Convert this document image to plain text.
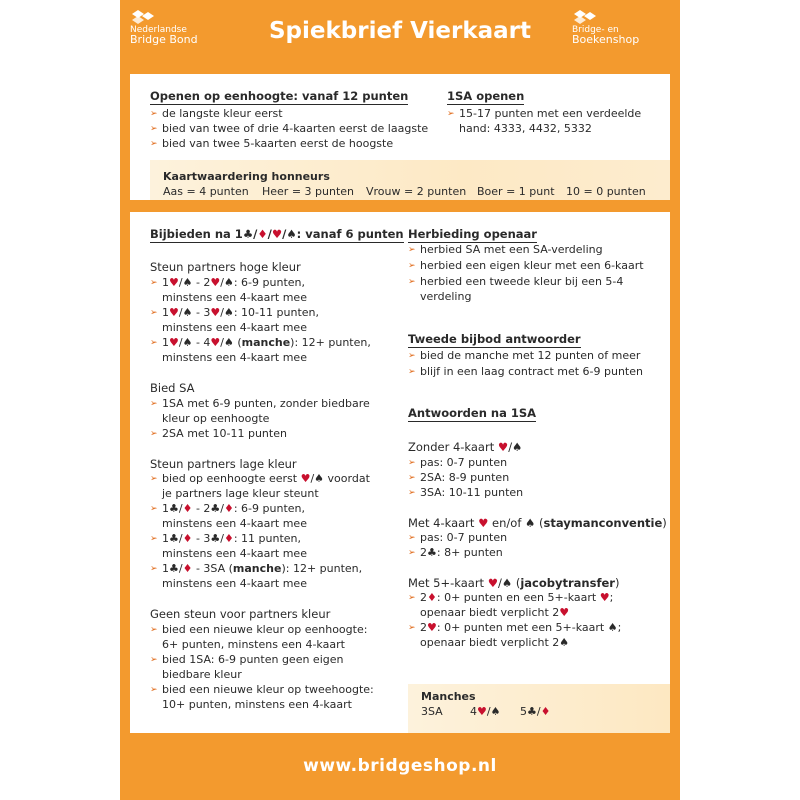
Nederlandse
Bridge Bond	Spiekbrief Vierkaart	Bridge- en
Boekenshop
Openen op eenhoogte: vanaf 12 punten
➢ de langste kleur eerst
➢ bied van twee of drie 4-kaarten eerst de laagste
➢ bied van twee 5-kaarten eerst de hoogste
1SA openen
➢ 15-17 punten met een verdeelde
hand: 4333, 4432, 5332
Kaartwaardering honneurs
Aas = 4 punten Heer = 3 punten Vrouw = 2 punten Boer = 1 punt 10 = 0 punten
Bijbieden na 1♣/♦/♥/♠: vanaf 6 punten
Steun partners hoge kleur
➢ 1♥/♠ - 2♥/♠: 6-9 punten,
minstens een 4-kaart mee
➢ 1♥/♠ - 3♥/♠: 10-11 punten,
minstens een 4-kaart mee
➢ 1♥/♠ - 4♥/♠ (manche): 12+ punten,
minstens een 4-kaart mee
Bied SA
➢ 1SA met 6-9 punten, zonder biedbare
kleur op eenhoogte
➢ 2SA met 10-11 punten
Steun partners lage kleur
➢ bied op eenhoogte eerst ♥/♠ voordat
je partners lage kleur steunt
➢ 1♣/♦ - 2♣/♦: 6-9 punten,
minstens een 4-kaart mee
➢ 1♣/♦ - 3♣/♦: 11 punten,
minstens een 4-kaart mee
➢ 1♣/♦ - 3SA (manche): 12+ punten,
minstens een 4-kaart mee
Geen steun voor partners kleur
➢ bied een nieuwe kleur op eenhoogte:
6+ punten, minstens een 4-kaart
➢ bied 1SA: 6-9 punten geen eigen
biedbare kleur
➢ bied een nieuwe kleur op tweehoogte:
10+ punten, minstens een 4-kaart
Herbieding openaar
➢ herbied SA met een SA-verdeling
➢ herbied een eigen kleur met een 6-kaart
➢ herbied een tweede kleur bij een 5-4
verdeling
Tweede bijbod antwoorder
➢ bied de manche met 12 punten of meer
➢ blijf in een laag contract met 6-9 punten
Antwoorden na 1SA
Zonder 4-kaart ♥/♠
➢ pas: 0-7 punten
➢ 2SA: 8-9 punten
➢ 3SA: 10-11 punten
Met 4-kaart ♥ en/of ♠ (staymanconventie)
➢ pas: 0-7 punten
➢ 2♣: 8+ punten
Met 5+-kaart ♥/♠ (jacobytransfer)
➢ 2♦: 0+ punten en een 5+-kaart ♥;
openaar biedt verplicht 2♥
➢ 2♥: 0+ punten met een 5+-kaart ♠;
openaar biedt verplicht 2♠
Manches
3SA 4♥/♠ 5♣/♦
www.bridgeshop.nl
